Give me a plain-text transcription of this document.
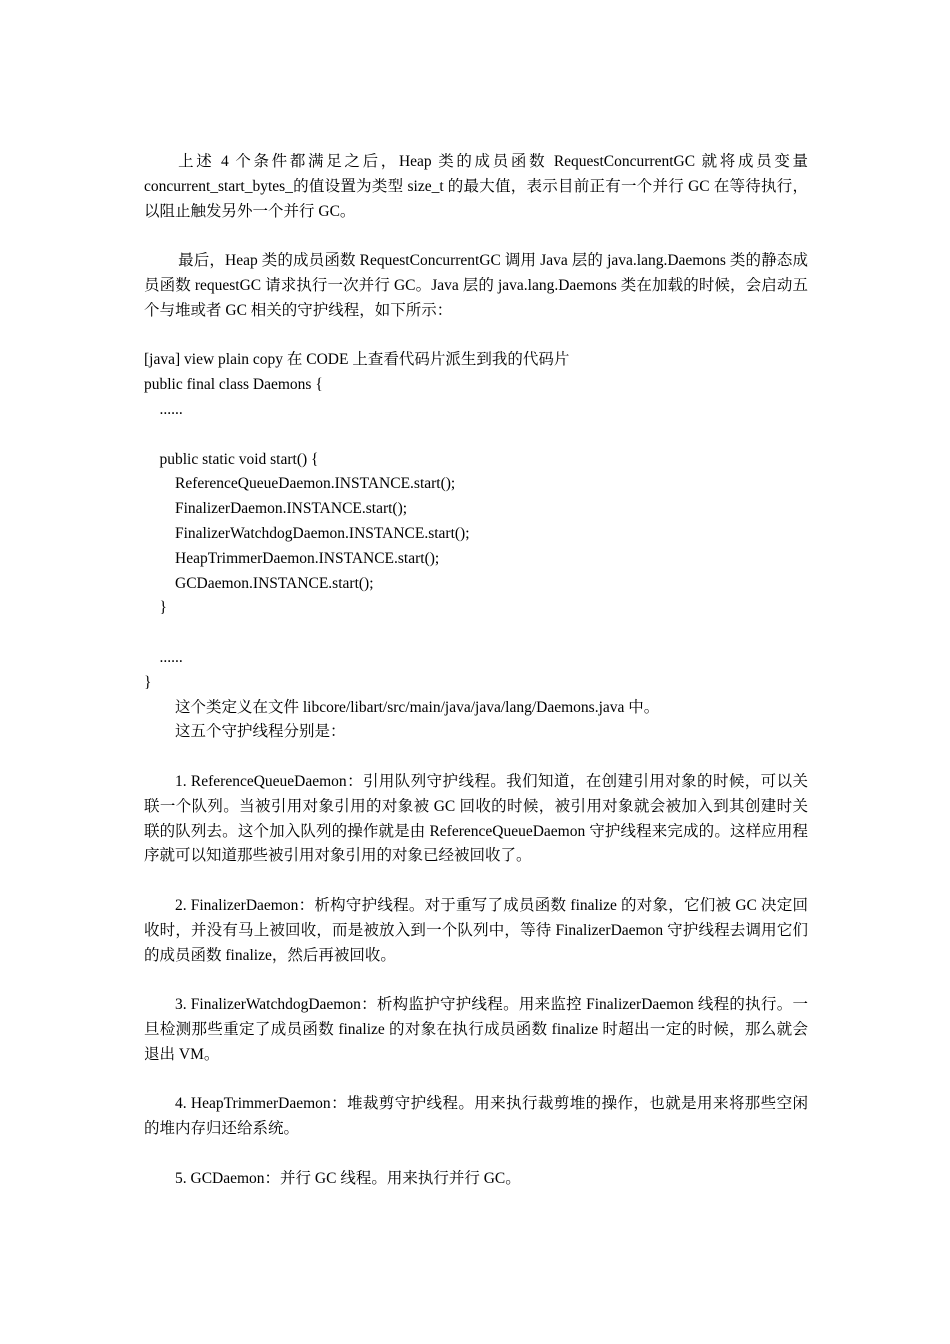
上述 4 个条件都满足之后，Heap 类的成员函数 RequestConcurrentGC 就将成员变量 concurrent_start_bytes_的值设置为类型 size_t 的最大值，表示目前正有一个并行 GC 在等待执行，以阻止触发另外一个并行 GC。

最后，Heap 类的成员函数 RequestConcurrentGC 调用 Java 层的 java.lang.Daemons 类的静态成员函数 requestGC 请求执行一次并行 GC。Java 层的 java.lang.Daemons 类在加载的时候，会启动五个与堆或者 GC 相关的守护线程，如下所示：

[java] view plain copy 在 CODE 上查看代码片派生到我的代码片
public final class Daemons {
......
public static void start() {
ReferenceQueueDaemon.INSTANCE.start();
FinalizerDaemon.INSTANCE.start();
FinalizerWatchdogDaemon.INSTANCE.start();
HeapTrimmerDaemon.INSTANCE.start();
GCDaemon.INSTANCE.start();
}
......
}

这个类定义在文件 libcore/libart/src/main/java/java/lang/Daemons.java 中。

这五个守护线程分别是：

1. ReferenceQueueDaemon：引用队列守护线程。我们知道，在创建引用对象的时候，可以关联一个队列。当被引用对象引用的对象被 GC 回收的时候，被引用对象就会被加入到其创建时关联的队列去。这个加入队列的操作就是由 ReferenceQueueDaemon 守护线程来完成的。这样应用程序就可以知道那些被引用对象引用的对象已经被回收了。

2. FinalizerDaemon：析构守护线程。对于重写了成员函数 finalize 的对象，它们被 GC 决定回收时，并没有马上被回收，而是被放入到一个队列中，等待 FinalizerDaemon 守护线程去调用它们的成员函数 finalize，然后再被回收。

3. FinalizerWatchdogDaemon：析构监护守护线程。用来监控 FinalizerDaemon 线程的执行。一旦检测那些重定了成员函数 finalize 的对象在执行成员函数 finalize 时超出一定的时候，那么就会退出 VM。

4. HeapTrimmerDaemon：堆裁剪守护线程。用来执行裁剪堆的操作，也就是用来将那些空闲的堆内存归还给系统。

5. GCDaemon：并行 GC 线程。用来执行并行 GC。
